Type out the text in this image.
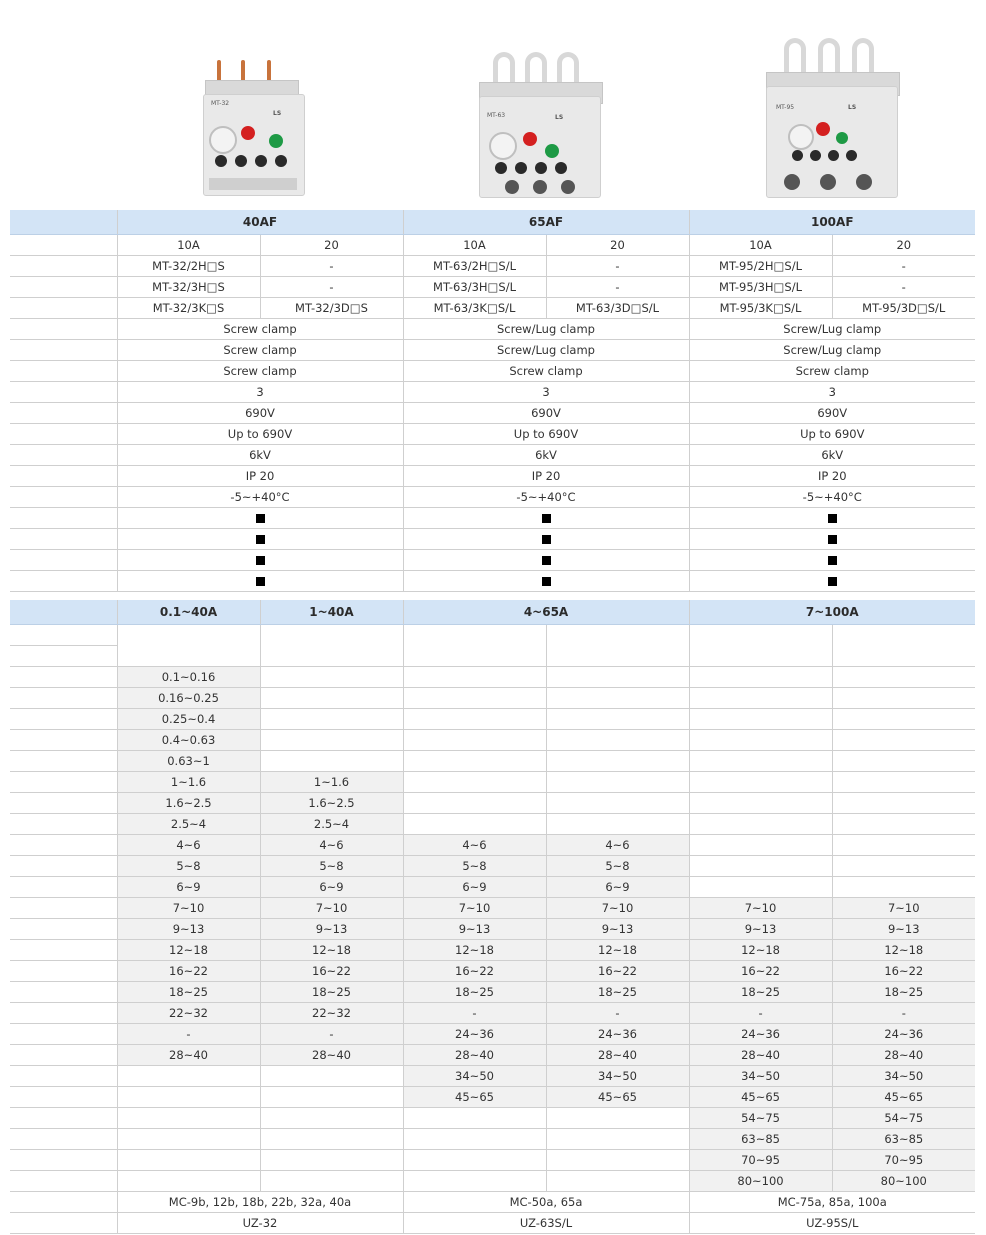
MT-32
LS	MT-63	LS
MT-95	LS
	40AF		65AF		100AF	
	10A	20	10A	20	10A	20
	MT-32/2H□S	-	MT-63/2H□S/L	-	MT-95/2H□S/L	-
	MT-32/3H□S	-	MT-63/3H□S/L	-	MT-95/3H□S/L	-
	MT-32/3K□S	MT-32/3D□S	MT-63/3K□S/L	MT-63/3D□S/L	MT-95/3K□S/L	MT-95/3D□S/L
	Screw clamp		Screw/Lug clamp		Screw/Lug clamp	
	Screw clamp		Screw/Lug clamp		Screw/Lug clamp	
	Screw clamp		Screw clamp		Screw clamp	
	3		3		3	
	690V		690V		690V	
	Up to 690V		Up to 690V		Up to 690V	
	6kV		6kV		6kV	
	IP 20		IP 20		IP 20	
	-5~+40°C		-5~+40°C		-5~+40°C	

	0.1~40A	1~40A	4~65A		7~100A	

	0.1~0.16					
	0.16~0.25					
	0.25~0.4					
	0.4~0.63					
	0.63~1					
	1~1.6	1~1.6				
	1.6~2.5	1.6~2.5				
	2.5~4	2.5~4				
	4~6	4~6	4~6	4~6		
	5~8	5~8	5~8	5~8		
	6~9	6~9	6~9	6~9		
	7~10	7~10	7~10	7~10	7~10	7~10
	9~13	9~13	9~13	9~13	9~13	9~13
	12~18	12~18	12~18	12~18	12~18	12~18
	16~22	16~22	16~22	16~22	16~22	16~22
	18~25	18~25	18~25	18~25	18~25	18~25
	22~32	22~32	-	-	-	-
	-	-	24~36	24~36	24~36	24~36
	28~40	28~40	28~40	28~40	28~40	28~40
			34~50	34~50	34~50	34~50
			45~65	45~65	45~65	45~65
					54~75	54~75
					63~85	63~85
					70~95	70~95
					80~100	80~100
	MC-9b, 12b, 18b, 22b, 32a, 40a		MC-50a, 65a		MC-75a, 85a, 100a	
	UZ-32		UZ-63S/L		UZ-95S/L	
